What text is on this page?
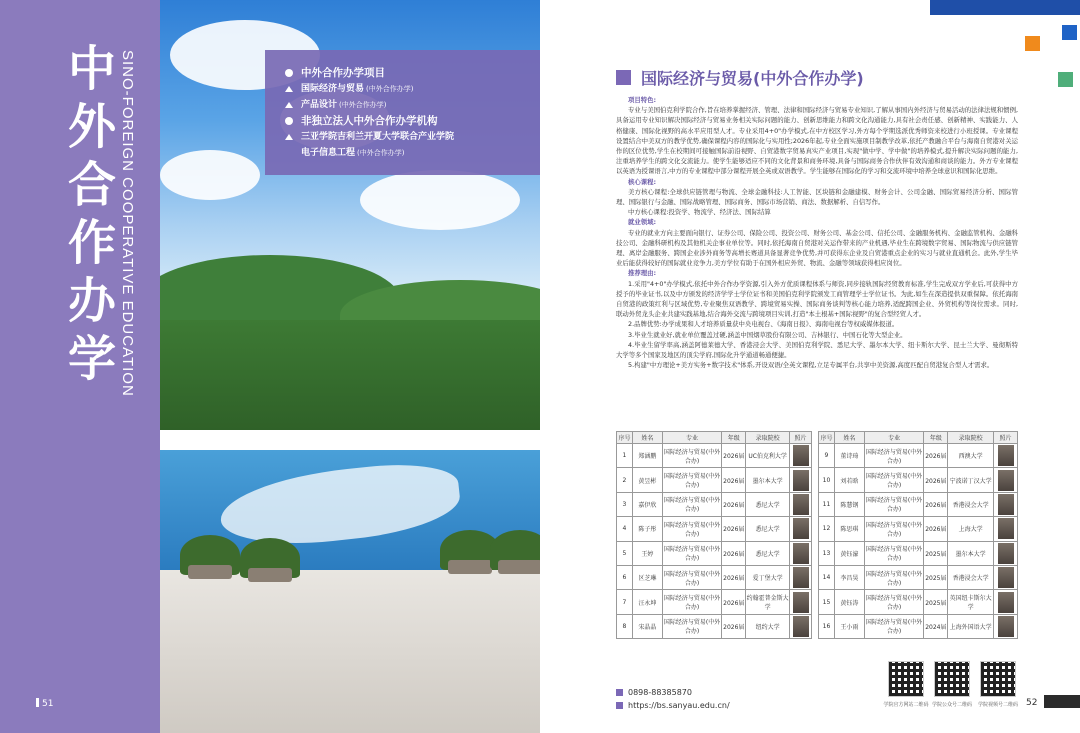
中
外
合
作
办
学 SINO-FOREIGN COOPERATIVE EDUCATION
51
中外合作办学项目
国际经济与贸易 (中外合作办学)
产品设计 (中外合作办学)
非独立法人中外合作办学机构
三亚学院吉利兰开夏大学联合产业学院
电子信息工程 (中外合作办学)
国际经济与贸易(中外合作办学)
项目特色:

专业与美国伯克利学院合作,旨在培养掌握经济、管理、法律和国际经济与贸易专业知识,了解从事国内外经济与贸易活动的法律法规和惯例,具备运用专业知识解决国际经济与贸易业务相关实际问题的能力、创新思维能力和跨文化沟通能力,具有社会责任感、创新精神、实践能力、人格健康、国际化视野的高水平应用型人才。专业采用4+0"办学模式,在中方校区学习,外方每个学期选派优秀师资来校进行小班授课。专业课程设置结合中美双方的教学优势,确保课程内容的国际化与实用性;2026年起,专业全面实施项目制教学改革,依托产教融合平台与海南自贸港对关运作的区位优势,学生在校期间可接触国际前沿视野、自贸港数字贸易真实产业项目,实现"做中学、学中做"的培养模式,提升解决实际问题的能力,注重培养学生的跨文化交流能力。使学生能够适应不同的文化背景和商务环境,具备与国际商务合作伙伴有效沟通和商谈的能力。外方专业课程以英语为授课语言,中方的专业课程中部分课程开展全英或双语教学。学生能够在国际化的学习和交流环境中培养全球意识和国际化思维。

核心课程:

美方核心课程:全球供应链管理与物流、全球金融科技:人工智能、区块链和金融建模、财务会计、公司金融、国际贸易经济分析、国际管理、国际银行与金融、国际战略管理、国际商务、国际市场营销、商法、数据解析、自信写作。

中方核心课程:投资学、物流学、经济法、国际结算

就业领域:

专业的就业方向主要面向银行、证券公司、保险公司、投资公司、财务公司、基金公司、信托公司、金融服务机构、金融监管机构、金融科技公司、金融科研机构及其他机关企事业单位等。同时,依托海南自贸港对关运作带来的产业机遇,毕业生在跨境数字贸易、国际物流与供应链管理、离岸金融服务、跨国企业涉外商务等高增长赛道具备显著竞争优势,并可获得东企业及自贸港重点企业的实习与就业直通机会。此外,学生毕业后能获得较好的国际就业竞争力,美方学位有助于在国外相应外贸、物流、金融等领域获得相应岗位。

推荐理由:

1.采用"4+0"办学模式,依托中外合作办学资源,引入外方优质课程体系与师资,同步接轨国际经贸教育标准,学生完成双方学业后,可获得中方授予的毕业证书,以及中方颁发的经济学学士学位证书和美国伯克利学院颁发工商管理学士学位证书。为此,如生在深造提供双重保障。依托海南自贸港的政策红利与区域优势,专业聚焦双语教学、跨境贸易实操、国际商务谈判等核心能力培养,适配跨国企业、外贸机构等岗位需求。同时,联动外贸龙头企业共建实践基地,结合海外交流与跨境项目实训,打造"本土根基+国际视野"的复合型经贸人才。

2.品牌优势:办学成果和人才培养质量获中央电视台、《海南日报》、海南电视台等权威媒体报道。

3.毕业生就业好,就业单位覆盖过硬,涵盖中国烟草股份有限公司、吉林银行、中国石化等大型企业。

4.毕业生留学率高,涵盖阿德莱德大学、香港浸会大学、美国伯克利学院、悉尼大学、墨尔本大学、纽卡斯尔大学、昆士兰大学、曼彻斯特大学等多个国家及地区的顶尖学府,国际化升学通道畅通便捷。

5.构建"中方理论+美方实务+数字技术"体系,开设双语/全英文课程,立足专属平台,共享中美资源,高度匹配自贸港复合型人才需求。

序号	姓名	专业	年级	录取院校	照片
1	郑涵鹏	国际经济与贸易(中外合办)	2026届	UC伯克利大学	
2	黄昱彬	国际经济与贸易(中外合办)	2026届	墨尔本大学	
3	嘉伊欣	国际经济与贸易(中外合办)	2026届	悉尼大学	
4	陈子彤	国际经济与贸易(中外合办)	2026届	悉尼大学	
5	王婷	国际经济与贸易(中外合办)	2026届	悉尼大学	
6	区芝琳	国际经济与贸易(中外合办)	2026届	爱丁堡大学	
7	汪永坤	国际经济与贸易(中外合办)	2026届	约翰霍普金斯大学	
8	宋晶晶	国际经济与贸易(中外合办)	2026届	纽约大学	
序号	姓名	专业	年级	录取院校	照片
9	董诗琦	国际经济与贸易(中外合办)	2026届	西澳大学	
10	刘若晗	国际经济与贸易(中外合办)	2026届	宁波诺丁汉大学	
11	陈慧钢	国际经济与贸易(中外合办)	2026届	香港浸会大学	
12	陈思琪	国际经济与贸易(中外合办)	2026届	上海大学	
13	黄钰濠	国际经济与贸易(中外合办)	2025届	墨尔本大学	
14	李昌昊	国际经济与贸易(中外合办)	2025届	香港浸会大学	
15	黄钰涛	国际经济与贸易(中外合办)	2025届	英国纽卡斯尔大学	
16	王小雨	国际经济与贸易(中外合办)	2024届	上海外国语大学	
0898-88385870
https://bs.sanyau.edu.cn/	学院官方网站二维码 学院公众号二维码	学院视频号二维码 52
